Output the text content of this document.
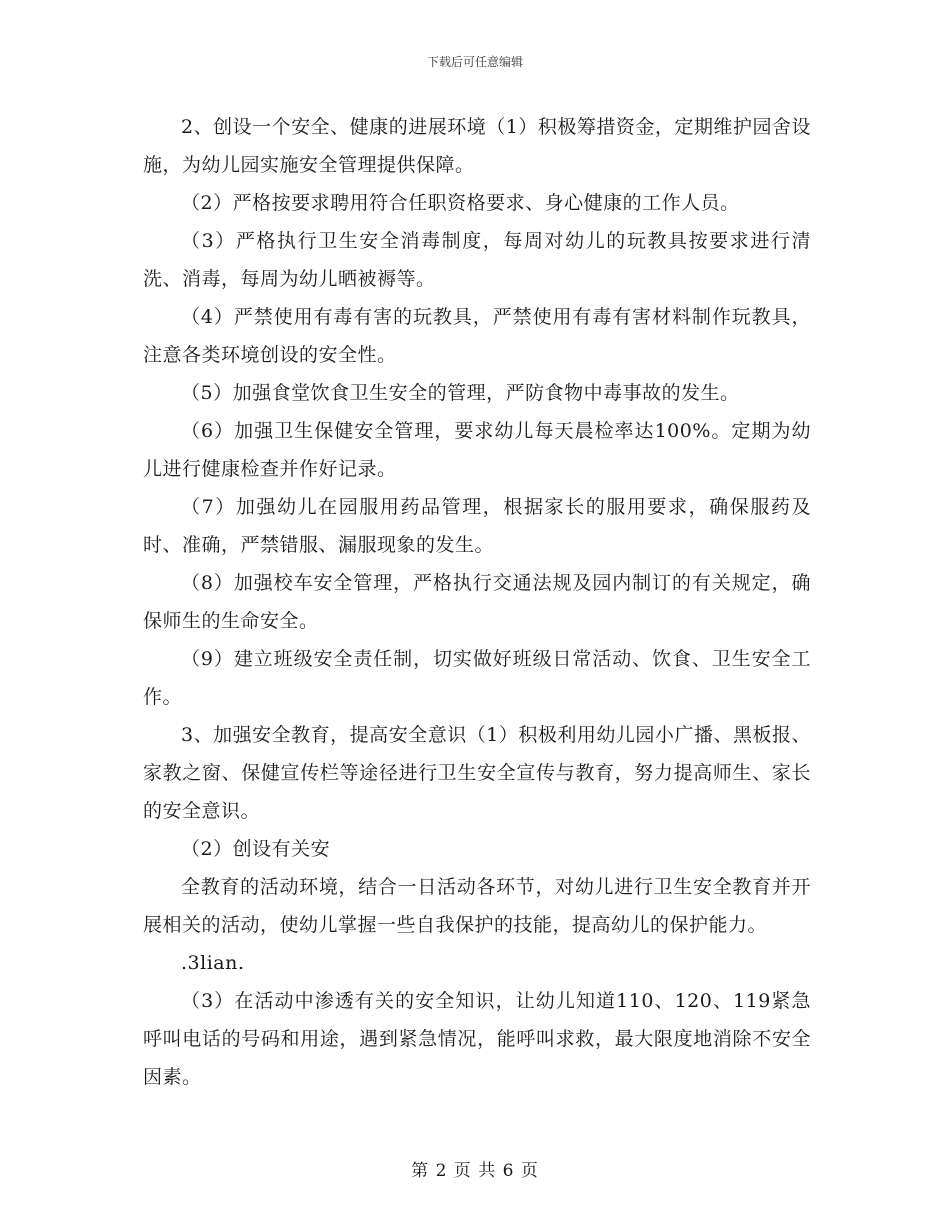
下载后可任意编辑

2、创设一个安全、健康的进展环境（1）积极筹措资金，定期维护园舍设施，为幼儿园实施安全管理提供保障。

（2）严格按要求聘用符合任职资格要求、身心健康的工作人员。

（3）严格执行卫生安全消毒制度，每周对幼儿的玩教具按要求进行清洗、消毒，每周为幼儿晒被褥等。

（4）严禁使用有毒有害的玩教具，严禁使用有毒有害材料制作玩教具，注意各类环境创设的安全性。

（5）加强食堂饮食卫生安全的管理，严防食物中毒事故的发生。

（6）加强卫生保健安全管理，要求幼儿每天晨检率达100%。定期为幼儿进行健康检查并作好记录。

（7）加强幼儿在园服用药品管理，根据家长的服用要求，确保服药及时、准确，严禁错服、漏服现象的发生。

（8）加强校车安全管理，严格执行交通法规及园内制订的有关规定，确保师生的生命安全。

（9）建立班级安全责任制，切实做好班级日常活动、饮食、卫生安全工作。

3、加强安全教育，提高安全意识（1）积极利用幼儿园小广播、黑板报、家教之窗、保健宣传栏等途径进行卫生安全宣传与教育，努力提高师生、家长的安全意识。

（2）创设有关安

全教育的活动环境，结合一日活动各环节，对幼儿进行卫生安全教育并开展相关的活动，使幼儿掌握一些自我保护的技能，提高幼儿的保护能力。

.3lian.

（3）在活动中渗透有关的安全知识，让幼儿知道110、120、119紧急呼叫电话的号码和用途，遇到紧急情况，能呼叫求救，最大限度地消除不安全因素。

第 2 页 共 6 页
